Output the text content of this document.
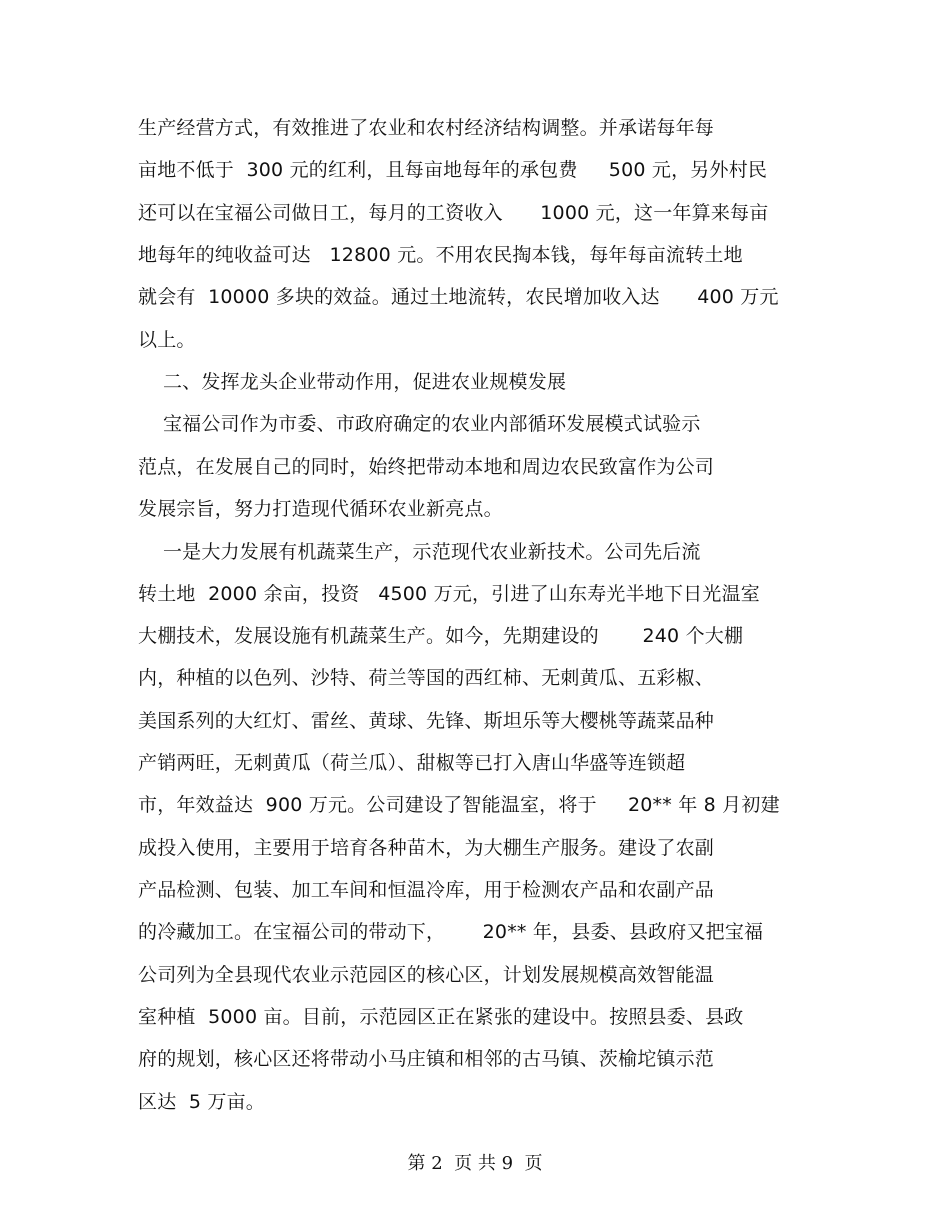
生产经营方式，有效推进了农业和农村经济结构调整。并承诺每年每
亩地不低于  300 元的红利，且每亩地每年的承包费     500 元，另外村民
还可以在宝福公司做日工，每月的工资收入      1000 元，这一年算来每亩
地每年的纯收益可达   12800 元。不用农民掏本钱，每年每亩流转土地
就会有  10000 多块的效益。通过土地流转，农民增加收入达      400 万元
以上。
二、发挥龙头企业带动作用，促进农业规模发展
宝福公司作为市委、市政府确定的农业内部循环发展模式试验示
范点，在发展自己的同时，始终把带动本地和周边农民致富作为公司
发展宗旨，努力打造现代循环农业新亮点。
一是大力发展有机蔬菜生产，示范现代农业新技术。公司先后流
转土地  2000 余亩，投资   4500 万元，引进了山东寿光半地下日光温室
大棚技术，发展设施有机蔬菜生产。如今，先期建设的       240 个大棚
内，种植的以色列、沙特、荷兰等国的西红柿、无刺黄瓜、五彩椒、
美国系列的大红灯、雷丝、黄球、先锋、斯坦乐等大樱桃等蔬菜品种
产销两旺，无刺黄瓜（荷兰瓜）、甜椒等已打入唐山华盛等连锁超
市，年效益达  900 万元。公司建设了智能温室，将于     20** 年 8 月初建
成投入使用，主要用于培育各种苗木，为大棚生产服务。建设了农副
产品检测、包装、加工车间和恒温冷库，用于检测农产品和农副产品
的冷藏加工。在宝福公司的带动下，      20** 年，县委、县政府又把宝福
公司列为全县现代农业示范园区的核心区，计划发展规模高效智能温
室种植  5000 亩。目前，示范园区正在紧张的建设中。按照县委、县政
府的规划，核心区还将带动小马庄镇和相邻的古马镇、茨榆坨镇示范
区达  5 万亩。
第 2  页 共 9  页
